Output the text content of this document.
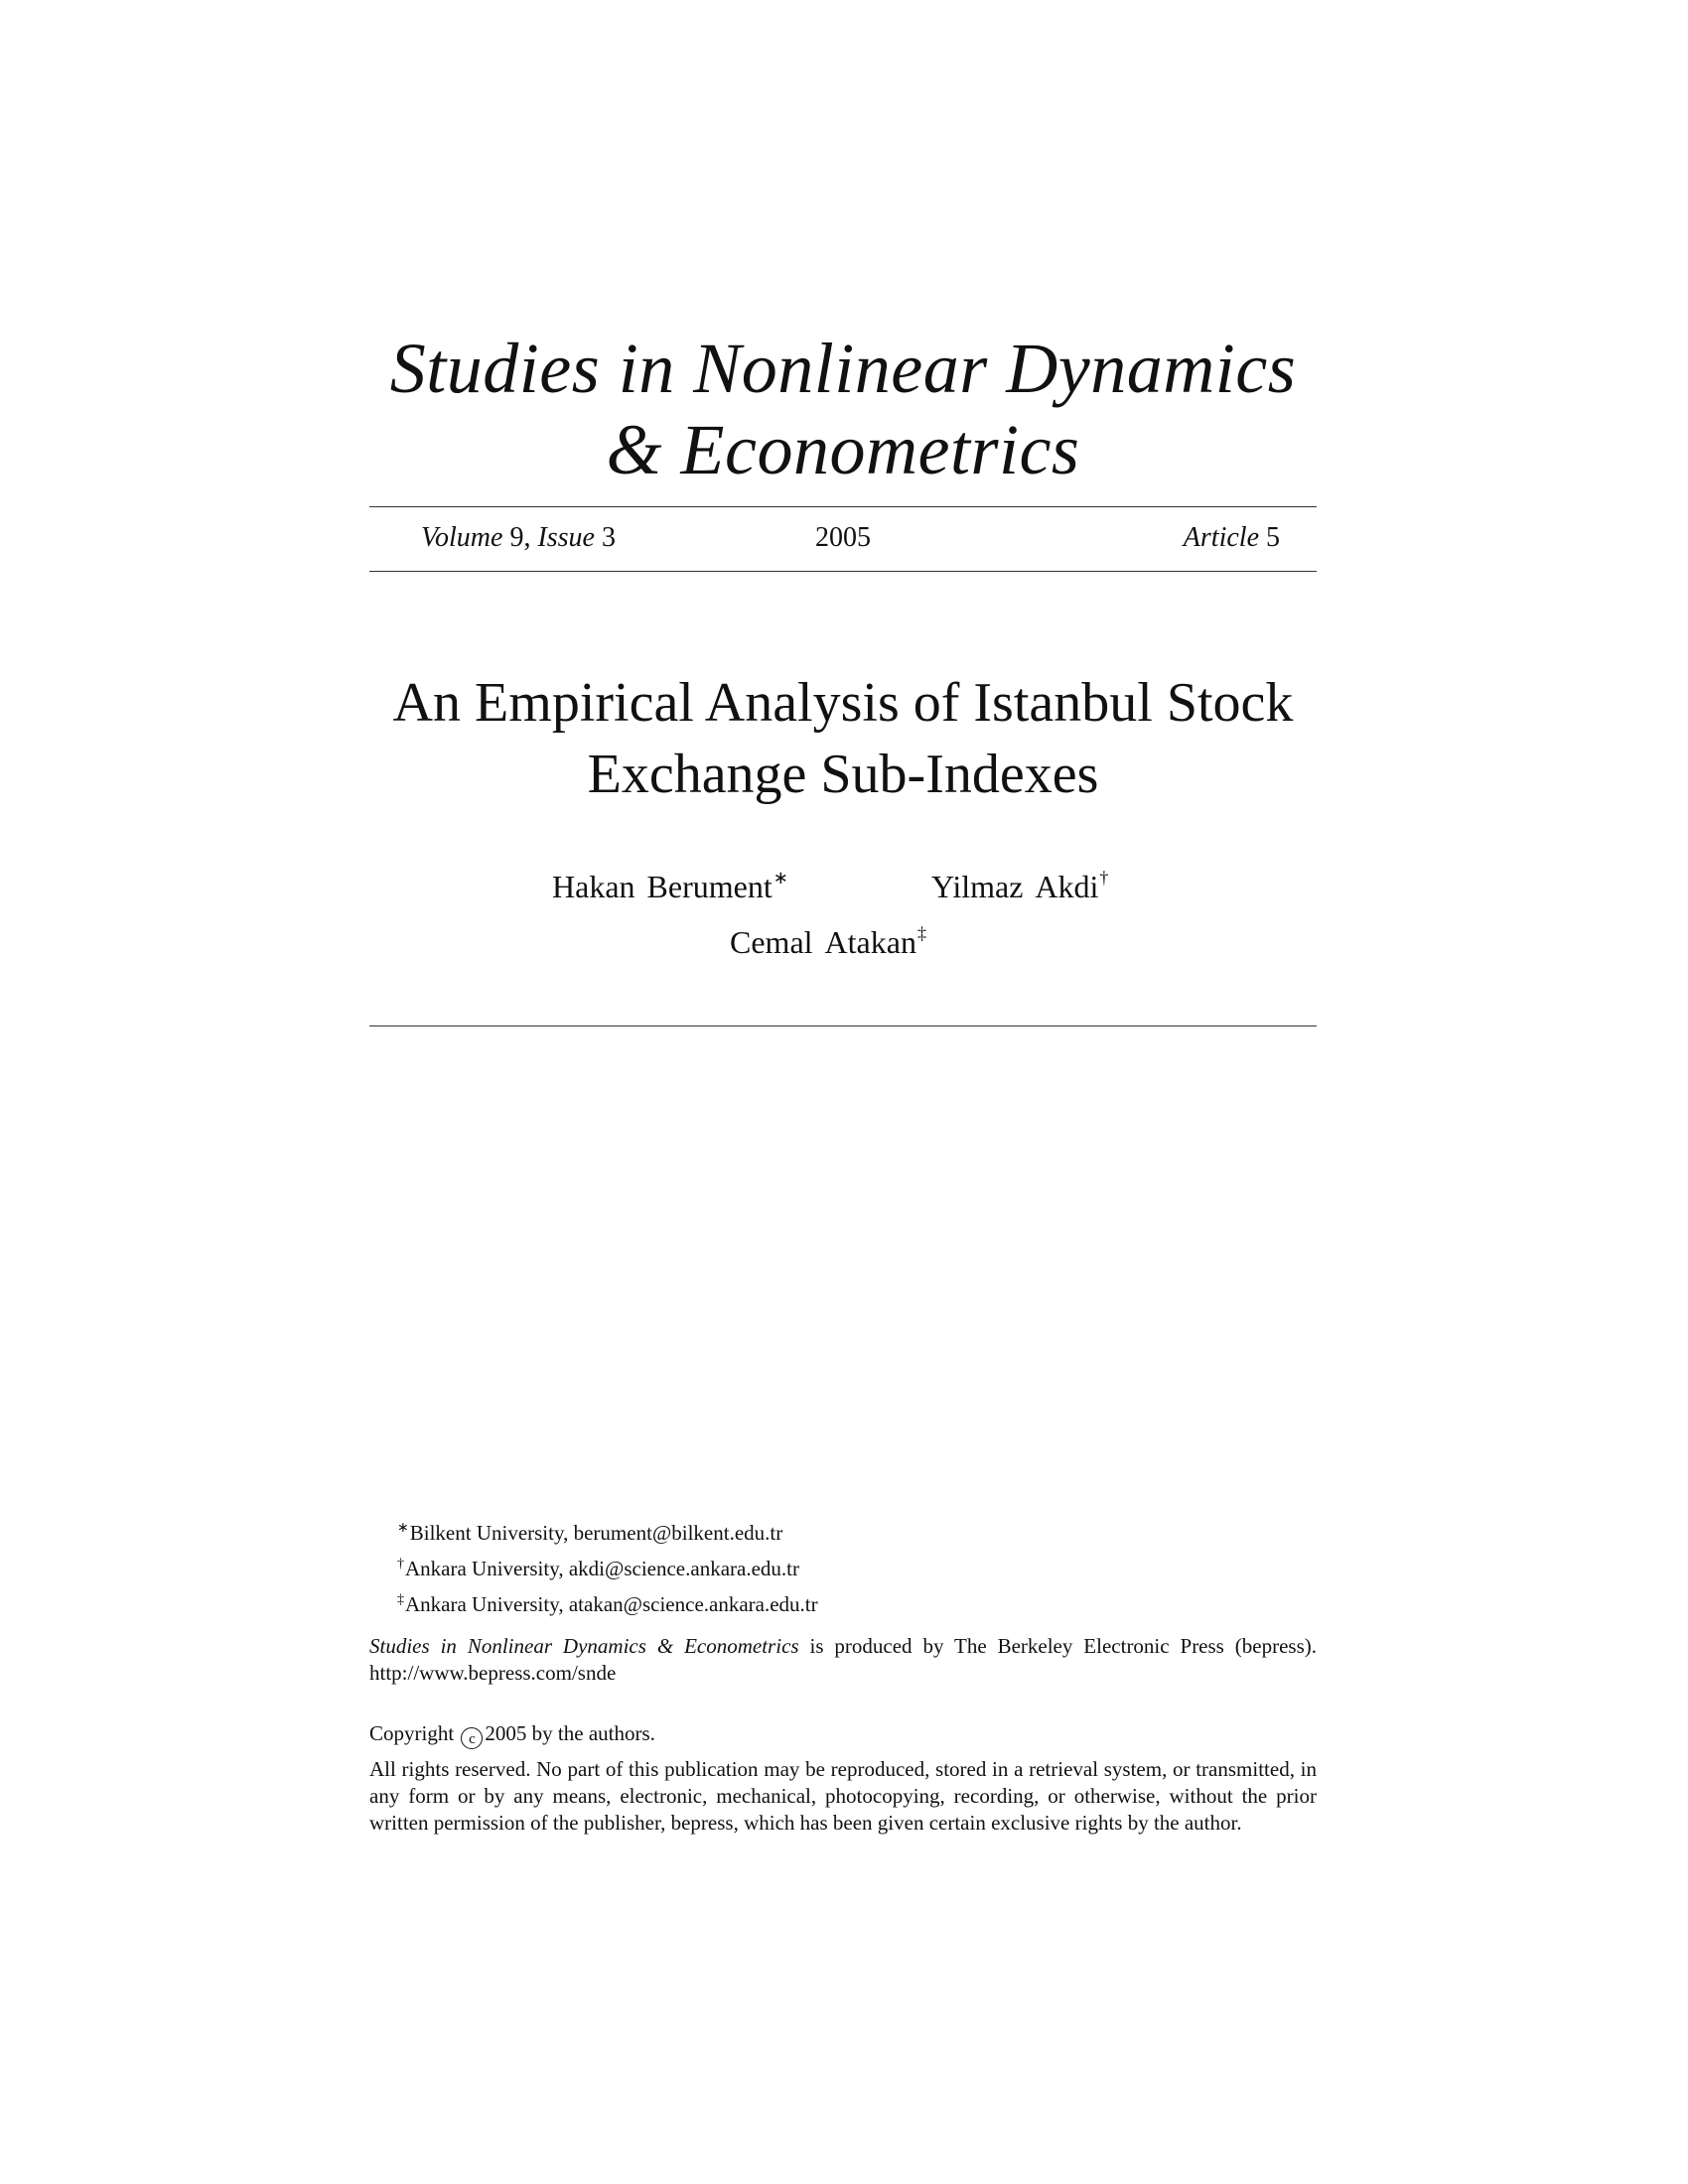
Studies in Nonlinear Dynamics
& Econometrics
Volume 9, Issue 3	2005	Article 5
An Empirical Analysis of Istanbul Stock
Exchange Sub-Indexes
Hakan Berument∗	Yilmaz Akdi†
Cemal Atakan‡
∗Bilkent University, berument@bilkent.edu.tr
†Ankara University, akdi@science.ankara.edu.tr
‡Ankara University, atakan@science.ankara.edu.tr
Studies in Nonlinear Dynamics & Econometrics is produced by The Berkeley Electronic Press (bepress). http://www.bepress.com/snde
Copyright c 2005 by the authors.
All rights reserved. No part of this publication may be reproduced, stored in a retrieval system, or transmitted, in any form or by any means, electronic, mechanical, photocopying, recording, or otherwise, without the prior written permission of the publisher, bepress, which has been given certain exclusive rights by the author.
